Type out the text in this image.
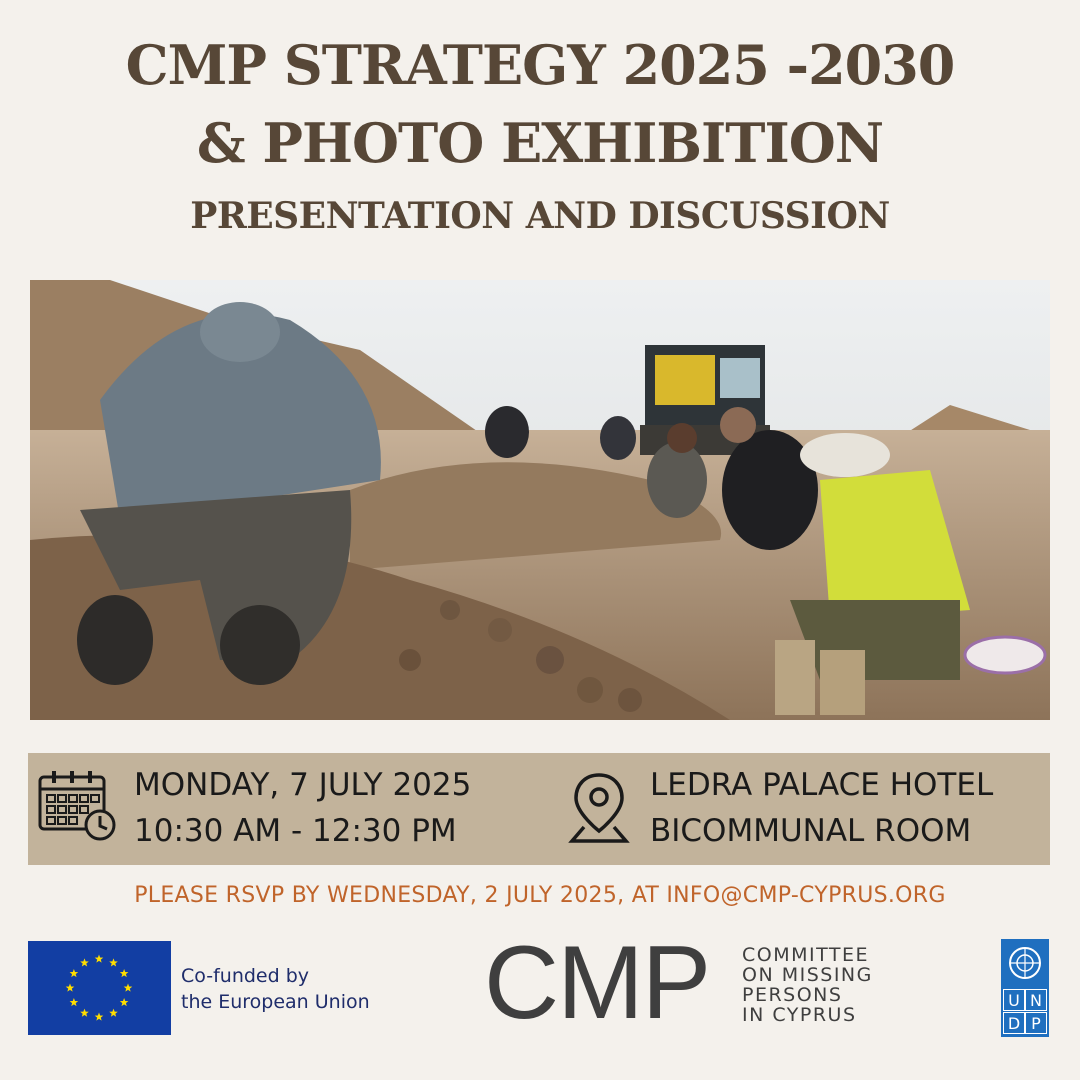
CMP STRATEGY 2025 -2030
& PHOTO EXHIBITION
PRESENTATION AND DISCUSSION
MONDAY, 7 JULY 2025
10:30 AM - 12:30 PM
LEDRA PALACE HOTEL
BICOMMUNAL ROOM
PLEASE RSVP BY WEDNESDAY, 2 JULY 2025, AT INFO@CMP-CYPRUS.ORG
Co-funded by
the European Union CMP COMMITTEE
ON MISSING
PERSONS
IN CYPRUS
U N
D P
